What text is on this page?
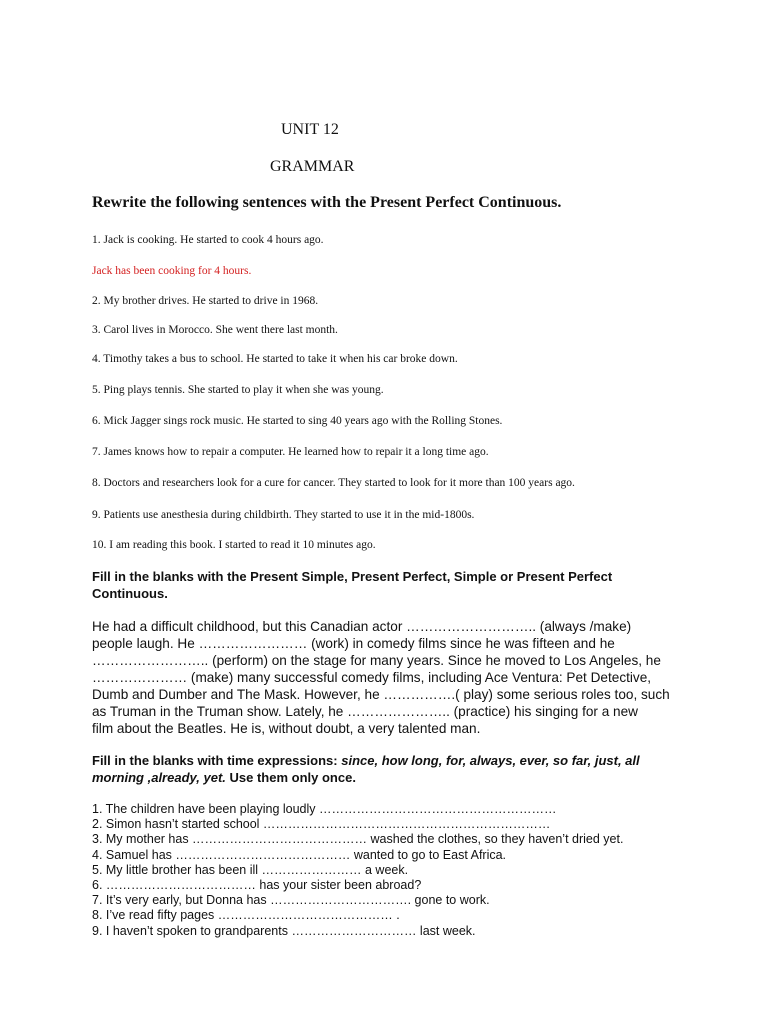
UNIT 12
GRAMMAR
Rewrite the following sentences with the Present Perfect Continuous.
1. Jack is cooking. He started to cook 4 hours ago.
Jack has been cooking for 4 hours.
2. My brother drives. He started to drive in 1968.
3. Carol lives in Morocco. She went there last month.
4. Timothy takes a bus to school. He started to take it when his car broke down.
5. Ping plays tennis. She started to play it when she was young.
6. Mick Jagger sings rock music. He started to sing 40 years ago with the Rolling Stones.
7. James knows how to repair a computer. He learned how to repair it a long time ago.
8. Doctors and researchers look for a cure for cancer. They started to look for it more than 100 years ago.
9. Patients use anesthesia during childbirth. They started to use it in the mid-1800s.
10. I am reading this book. I started to read it 10 minutes ago.
Fill in the blanks with the Present Simple, Present Perfect, Simple or Present Perfect
Continuous.
He had a difficult childhood, but this Canadian actor ……………………….. (always /make)
people laugh. He …………………… (work) in comedy films since he was fifteen and he
…………………….. (perform) on the stage for many years. Since he moved to Los Angeles, he
………………… (make) many successful comedy films, including Ace Ventura: Pet Detective,
Dumb and Dumber and The Mask. However, he …………….( play) some serious roles too, such
as Truman in the Truman show. Lately, he ………………….. (practice) his singing for a new
film about the Beatles. He is, without doubt, a very talented man.
Fill in the blanks with time expressions: since, how long, for, always, ever, so far, just, all
morning ,already, yet. Use them only once.
1. The children have been playing loudly …………………………………………………
2. Simon hasn’t started school ……………………………………………………………
3. My mother has …………………………………… washed the clothes, so they haven’t dried yet.
4. Samuel has …………………………………… wanted to go to East Africa.
5. My little brother has been ill …………………… a week.
6. ……………………………… has your sister been abroad?
7. It’s very early, but Donna has ……………………………. gone to work.
8. I’ve read fifty pages …………………………………… .
9. I haven’t spoken to grandparents ………………………… last week.
